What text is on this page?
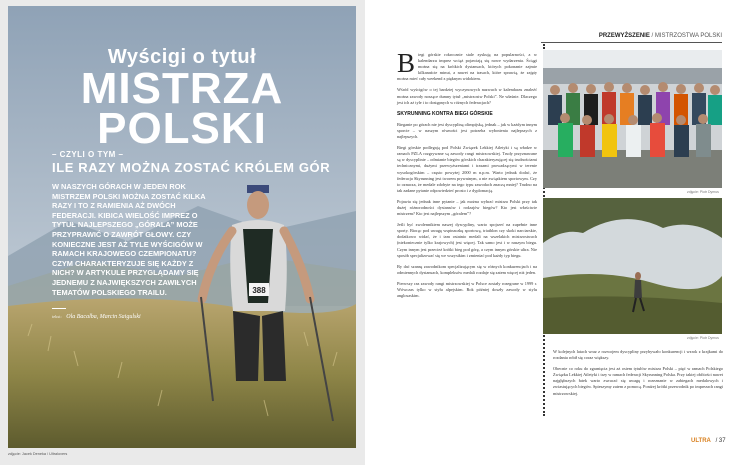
388
Wyścigi o tytuł
MISTRZA
POLSKI
– CZYLI O TYM –
ILE RAZY MOŻNA ZOSTAĆ KRÓLEM GÓR
W NASZYCH GÓRACH W JEDEN ROK MISTRZEM POLSKI MOŻNA ZOSTAĆ KILKA RAZY I TO Z RAMIENIA AŻ DWÓCH FEDERACJI. KIBICA WIELOŚĆ IMPREZ O TYTUŁ NAJLEPSZEGO „GÓRALA” MOŻE PRZYPRAWIĆ O ZAWRÓT GŁOWY. CZY KONIECZNE JEST AŻ TYLE WYŚCIGÓW W RAMACH KRAJOWEGO CZEMPIONATU? CZYM CHARAKTERYZUJE SIĘ KAŻDY Z NICH? W ARTYKULE PRZYGLĄDAMY SIĘ JEDNEMU Z NAJWIĘKSZYCH ZAWIŁYCH TEMATÓW POLSKIEGO TRAILU.
tekst: Ola Bacalba, Marcin Saigulski
zdjęcie: Jacek Deneka / Ultralovers
PRZEWYŻSZENIE / MISTRZOSTWA POLSKI

B iegi górskie rokrocznie stale zyskują na popularności, a w kalendarzu imprez wciąż pojawiają się nowe wydarzenia. Ściągi można się na krótkich dystansach, których pokonanie zajmie kilkanaście minut, a nawet na trasach, które sprawią, że zajęty można mieć cały weekend z pięknym widokiem.

Wśród wyścigów o tej bardziej wyczynowych nazwach w kalendarzu znaleźć można zawody noszące dumny tytuł „mistrzostw Polski”. Ne właśnie. Dlaczego jest ich aż tyle i to dostępnych w różnych federacjach?

SKYRUNNING KONTRA BIEGI GÓRSKIE

Bieganie po górach nie jest dyscypliną olimpijską, jednak – jak w każdym innym sporcie – w naszym równości jest potrzeba wyłonienia najlepszych z najlepszych.

Biegi górskie podlegają pod Polski Związek Lekkiej Atletyki i są władze w ramach PZLA rozgrywane są zawody rangi mistrzowskiej. Trudy przyznawane są w dyscyplinie – odmianie biegów górskich charakteryzującej się trudnościami technicznymi, dużymi przewyższeniami i trasami prowadzącymi w terenie wysokogórskim – często powyżej 2000 m n.p.m. Warto jednak dodać, że federacja Skyrunning jest tworem prywatnym, a nie związkiem sportowym. Czy to oznacza, że medale zdobyte na tego typu zawodach znaczą mniej? Trudno na tak zadane pytanie odpowiedzieć prosto i z dyplomacją.

Pojawia się jednak inne pytanie – jak można wybrać mistrza Polski przy tak dużej różnorodności dystansów i rodzajów biegów? Kto jest właściwie mistrzem? Kto jest najlepszym „góralem”?

Jeśli być zwolennikiem naszej dyscypliny, warto spojrzeć na zupełnie inne sporty. Biorąc pod uwagę wspinaczkę sportową, triathlon czy skoki narciarskie, dodatkowo widać, że i tam ostatnio medali na wszelakich mistrzostwach (niekoniecznie tylko krajowych) jest więcej. Tak samo jest i w naszym biegu. Czym innym jest przecież krótki bieg pod górę, a czym innym górskie ultra. Nie sposób specjalizować się we wszystkim i zmieniać pod każdy typ biegu.

By dać szansę zawodnikom specjalizującym się w różnych konkurencjach i na odmiennych dystansach, kompleksów medali rozdaje się zatem więcej niż jeden.

Pierwszy raz zawody rangi mistrzowskiej w Polsce zostały rozegrane w 1999 r. Wówczas tylko w stylu alpejskim. Rok później doszły zawody w stylu anglosaskim.

zdjęcie: Piotr Dymus
zdjęcie: Piotr Dymus

W kolejnych latach wraz z rozwojem dyscypliny przybywało konkurencji i wzrok z krajkami do rozdania robił się coraz większy.

Obecnie co roku do zgarnięcia jest aż osiem tytułów mistrza Polski – pięć w ramach Polskiego Związku Lekkiej Atletyki i trzy w ramach federacji Skyrunning Polska. Przy takiej obfitości nawet najgłębszych łatek warto zwracać się uwagę i rozeznanie w zabiegach medalowych i zwiastujących biegów. Spieszymy zatem z pomocą. Poniżej krótki przewodnik po imprezach rangi mistrzowskiej.

ULTRA / 37
